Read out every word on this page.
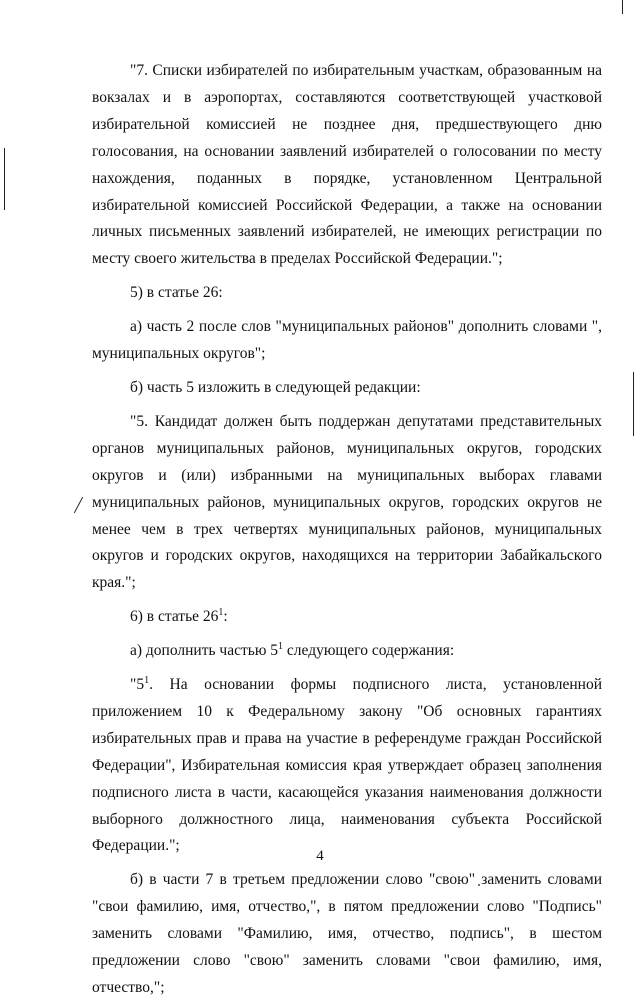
"7. Списки избирателей по избирательным участкам, образованным на вокзалах и в аэропортах, составляются соответствующей участковой избирательной комиссией не позднее дня, предшествующего дню голосования, на основании заявлений избирателей о голосовании по месту нахождения, поданных в порядке, установленном Центральной избирательной комиссией Российской Федерации, а также на основании личных письменных заявлений избирателей, не имеющих регистрации по месту своего жительства в пределах Российской Федерации.";

5) в статье 26:

а) часть 2 после слов "муниципальных районов" дополнить словами ", муниципальных округов";

б) часть 5 изложить в следующей редакции:

"5. Кандидат должен быть поддержан депутатами представительных органов муниципальных районов, муниципальных округов, городских округов и (или) избранными на муниципальных выборах главами муниципальных районов, муниципальных округов, городских округов не менее чем в трех четвертях муниципальных районов, муниципальных округов и городских округов, находящихся на территории Забайкальского края.";

6) в статье $26^1$:

а) дополнить частью $5^1$ следующего содержания:

"$5^1$. На основании формы подписного листа, установленной приложением 10 к Федеральному закону "Об основных гарантиях избирательных прав и права на участие в референдуме граждан Российской Федерации", Избирательная комиссия края утверждает образец заполнения подписного листа в части, касающейся указания наименования должности выборного должностного лица, наименования субъекта Российской Федерации.";

б) в части 7 в третьем предложении слово "свою" заменить словами "свои фамилию, имя, отчество,", в пятом предложении слово "Подпись" заменить словами "Фамилию, имя, отчество, подпись", в шестом предложении слово "свою" заменить словами "свои фамилию, имя, отчество,";

4
